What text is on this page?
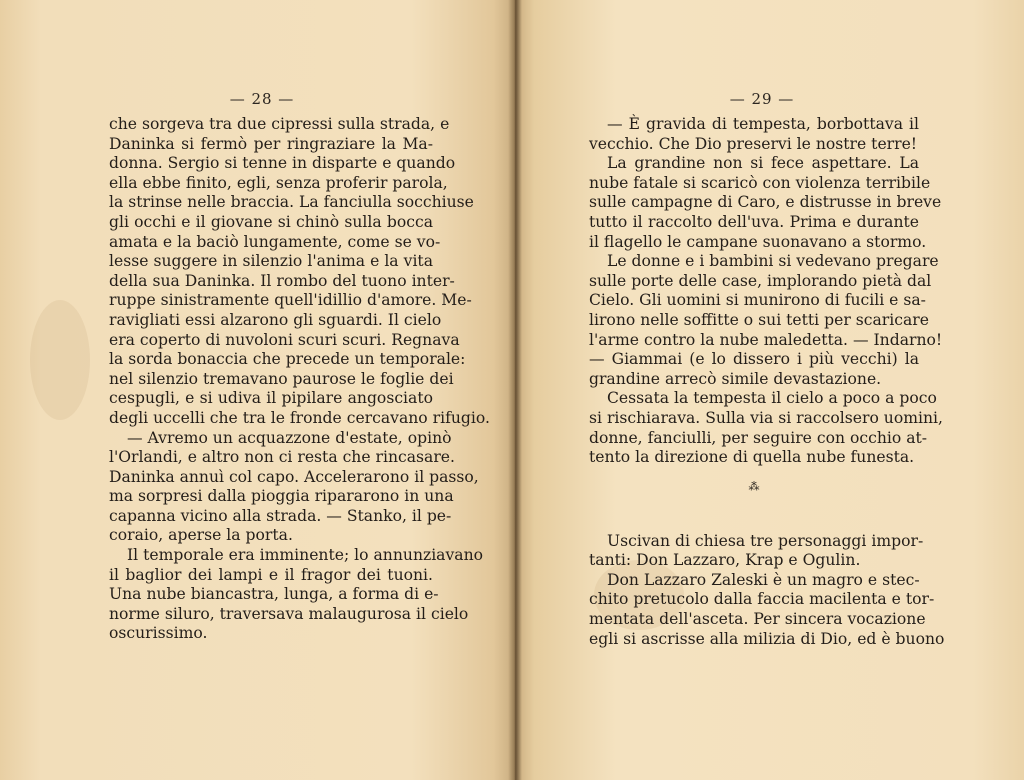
— 28 —
che sorgeva tra due cipressi sulla strada, e
Daninka si fermò per ringraziare la Ma-
donna. Sergio si tenne in disparte e quando
ella ebbe finito, egli, senza proferir parola,
la strinse nelle braccia. La fanciulla socchiuse
gli occhi e il giovane si chinò sulla bocca
amata e la baciò lungamente, come se vo-
lesse suggere in silenzio l'anima e la vita
della sua Daninka. Il rombo del tuono inter-
ruppe sinistramente quell'idillio d'amore. Me-
ravigliati essi alzarono gli sguardi. Il cielo
era coperto di nuvoloni scuri scuri. Regnava
la sorda bonaccia che precede un temporale:
nel silenzio tremavano paurose le foglie dei
cespugli, e si udiva il pipilare angosciato
degli uccelli che tra le fronde cercavano rifugio.
— Avremo un acquazzone d'estate, opinò
l'Orlandi, e altro non ci resta che rincasare.
Daninka annuì col capo. Accelerarono il passo,
ma sorpresi dalla pioggia ripararono in una
capanna vicino alla strada. — Stanko, il pe-
coraio, aperse la porta.
Il temporale era imminente; lo annunziavano
il baglior dei lampi e il fragor dei tuoni.
Una nube biancastra, lunga, a forma di e-
norme siluro, traversava malaugurosa il cielo
oscurissimo.
— 29 —
— È gravida di tempesta, borbottava il
vecchio. Che Dio preservi le nostre terre!
La grandine non si fece aspettare. La
nube fatale si scaricò con violenza terribile
sulle campagne di Caro, e distrusse in breve
tutto il raccolto dell'uva. Prima e durante
il flagello le campane suonavano a stormo.
Le donne e i bambini si vedevano pregare
sulle porte delle case, implorando pietà dal
Cielo. Gli uomini si munirono di fucili e sa-
lirono nelle soffitte o sui tetti per scaricare
l'arme contro la nube maledetta. — Indarno!
— Giammai (e lo dissero i più vecchi) la
grandine arrecò simile devastazione.
Cessata la tempesta il cielo a poco a poco
si rischiarava. Sulla via si raccolsero uomini,
donne, fanciulli, per seguire con occhio at-
tento la direzione di quella nube funesta.
⁂
Uscivan di chiesa tre personaggi impor-
tanti: Don Lazzaro, Krap e Ogulin.
Don Lazzaro Zaleski è un magro e stec-
chito pretucolo dalla faccia macilenta e tor-
mentata dell'asceta. Per sincera vocazione
egli si ascrisse alla milizia di Dio, ed è buono
